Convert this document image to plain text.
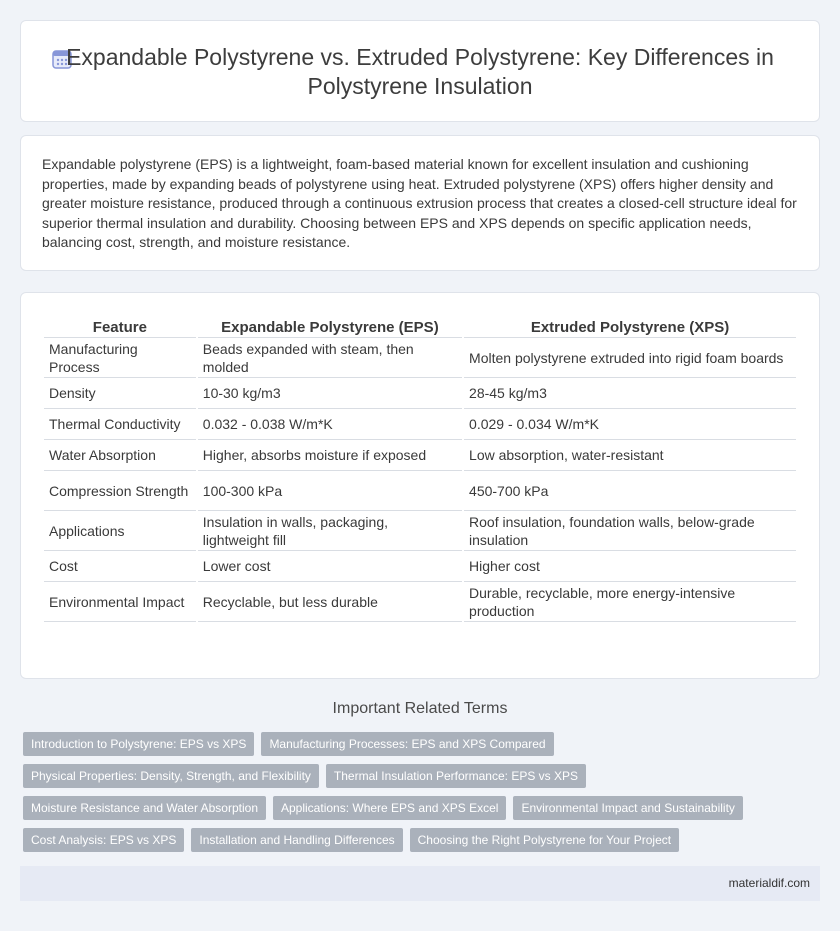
Expandable Polystyrene vs. Extruded Polystyrene: Key Differences in Polystyrene Insulation

Expandable polystyrene (EPS) is a lightweight, foam-based material known for excellent insulation and cushioning properties, made by expanding beads of polystyrene using heat. Extruded polystyrene (XPS) offers higher density and greater moisture resistance, produced through a continuous extrusion process that creates a closed-cell structure ideal for superior thermal insulation and durability. Choosing between EPS and XPS depends on specific application needs, balancing cost, strength, and moisture resistance.

Feature	Expandable Polystyrene (EPS)	Extruded Polystyrene (XPS)
Manufacturing Process	Beads expanded with steam, then molded	Molten polystyrene extruded into rigid foam boards
Density	10-30 kg/m3	28-45 kg/m3
Thermal Conductivity	0.032 - 0.038 W/m*K	0.029 - 0.034 W/m*K
Water Absorption	Higher, absorbs moisture if exposed	Low absorption, water-resistant
Compression Strength	100-300 kPa	450-700 kPa
Applications	Insulation in walls, packaging, lightweight fill	Roof insulation, foundation walls, below-grade insulation
Cost	Lower cost	Higher cost
Environmental Impact	Recyclable, but less durable	Durable, recyclable, more energy-intensive production
Important Related Terms
Introduction to Polystyrene: EPS vs XPS	Manufacturing Processes: EPS and XPS Compared
Physical Properties: Density, Strength, and Flexibility	Thermal Insulation Performance: EPS vs XPS
Moisture Resistance and Water Absorption	Applications: Where EPS and XPS Excel	Environmental Impact and Sustainability
Cost Analysis: EPS vs XPS	Installation and Handling Differences	Choosing the Right Polystyrene for Your Project
materialdif.com
